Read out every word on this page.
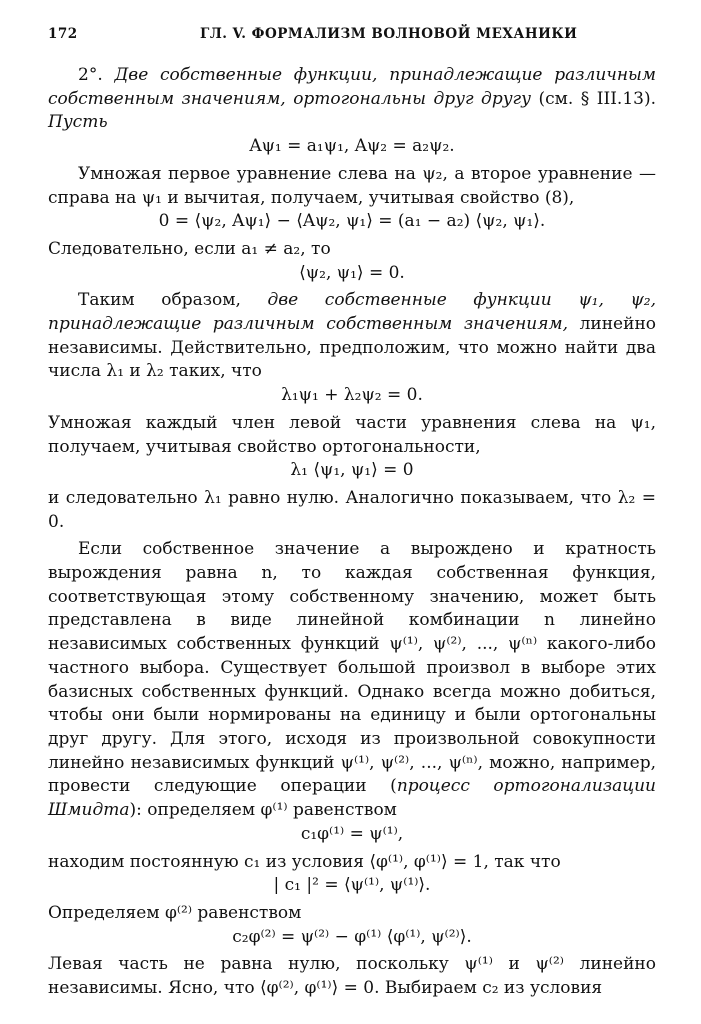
172	ГЛ. V. ФОРМАЛИЗМ ВОЛНОВОЙ МЕХАНИКИ

2°. Две собственные функции, принадлежащие различным собственным значениям, ортогональны друг другу (см. § III.13). Пусть

Aψ₁ = a₁ψ₁, Aψ₂ = a₂ψ₂.

Умножая первое уравнение слева на ψ₂, а второе уравнение — справа на ψ₁ и вычитая, получаем, учитывая свойство (8),

0 = ⟨ψ₂, Aψ₁⟩ − ⟨Aψ₂, ψ₁⟩ = (a₁ − a₂) ⟨ψ₂, ψ₁⟩.

Следовательно, если a₁ ≠ a₂, то

⟨ψ₂, ψ₁⟩ = 0.

Таким образом, две собственные функции ψ₁, ψ₂, принадлежащие различным собственным значениям, линейно независимы. Действительно, предположим, что можно найти два числа λ₁ и λ₂ таких, что

λ₁ψ₁ + λ₂ψ₂ = 0.

Умножая каждый член левой части уравнения слева на ψ₁, получаем, учитывая свойство ортогональности,

λ₁ ⟨ψ₁, ψ₁⟩ = 0

и следовательно λ₁ равно нулю. Аналогично показываем, что λ₂ = 0.

Если собственное значение a вырождено и кратность вырождения равна n, то каждая собственная функция, соответствующая этому собственному значению, может быть представлена в виде линейной комбинации n линейно независимых собственных функций ψ⁽¹⁾, ψ⁽²⁾, ..., ψ⁽ⁿ⁾ какого-либо частного выбора. Существует большой произвол в выборе этих базисных собственных функций. Однако всегда можно добиться, чтобы они были нормированы на единицу и были ортогональны друг другу. Для этого, исходя из произвольной совокупности линейно независимых функций ψ⁽¹⁾, ψ⁽²⁾, ..., ψ⁽ⁿ⁾, можно, например, провести следующие операции (процесс ортогонализации Шмидта): определяем φ⁽¹⁾ равенством

c₁φ⁽¹⁾ = ψ⁽¹⁾,

находим постоянную c₁ из условия ⟨φ⁽¹⁾, φ⁽¹⁾⟩ = 1, так что

| c₁ |² = ⟨ψ⁽¹⁾, ψ⁽¹⁾⟩.

Определяем φ⁽²⁾ равенством

c₂φ⁽²⁾ = ψ⁽²⁾ − φ⁽¹⁾ ⟨φ⁽¹⁾, ψ⁽²⁾⟩.

Левая часть не равна нулю, поскольку ψ⁽¹⁾ и ψ⁽²⁾ линейно независимы. Ясно, что ⟨φ⁽²⁾, φ⁽¹⁾⟩ = 0. Выбираем c₂ из условия
